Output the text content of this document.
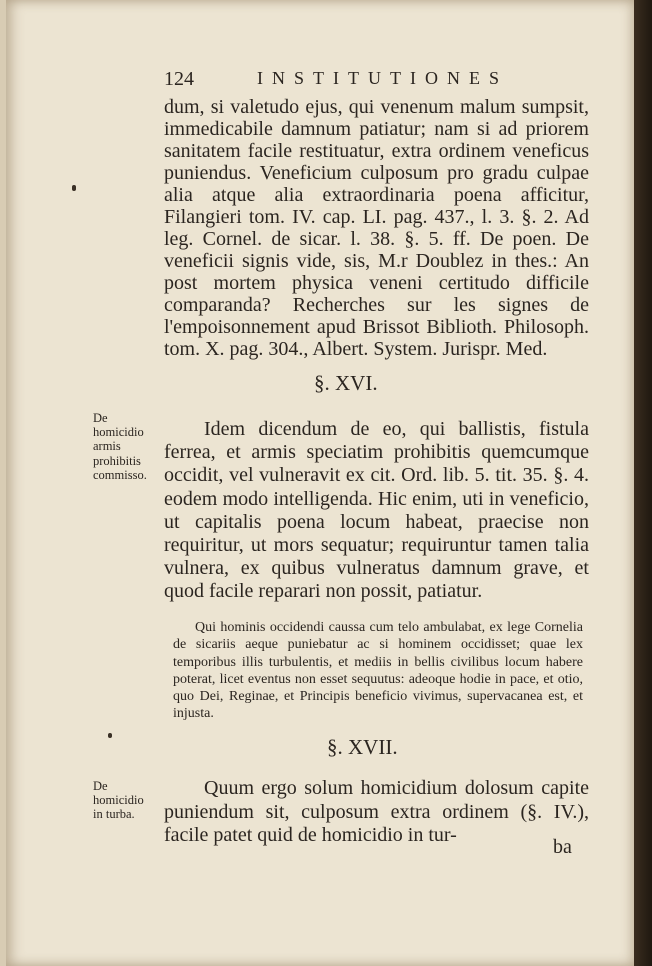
124	INSTITUTIONES

dum, si valetudo ejus, qui venenum malum sumpsit, immedicabile damnum patiatur; nam si ad priorem sanitatem facile restituatur, extra ordinem veneficus puniendus. Veneficium culposum pro gradu culpae alia atque alia extraordinaria poena afficitur, Filangieri tom. IV. cap. LI. pag. 437., l. 3. §. 2. Ad leg. Cornel. de sicar. l. 38. §. 5. ff. De poen. De veneficii signis vide, sis, M.r Doublez in thes.: An post mortem physica veneni certitudo difficile comparanda? Recherches sur les signes de l'empoisonnement apud Brissot Biblioth. Philosoph. tom. X. pag. 304., Albert. System. Jurispr. Med.

§. XVI.
De homicidio armis prohibitis commisso.

Idem dicendum de eo, qui ballistis, fistula ferrea, et armis speciatim prohibitis quemcumque occidit, vel vulneravit ex cit. Ord. lib. 5. tit. 35. §. 4. eodem modo intelligenda. Hic enim, uti in veneficio, ut capitalis poena locum habeat, praecise non requiritur, ut mors sequatur; requiruntur tamen talia vulnera, ex quibus vulneratus damnum grave, et quod facile reparari non possit, patiatur.

Qui hominis occidendi caussa cum telo ambulabat, ex lege Cornelia de sicariis aeque puniebatur ac si hominem occidisset; quae lex temporibus illis turbulentis, et mediis in bellis civilibus locum habere poterat, licet eventus non esset sequutus: adeoque hodie in pace, et otio, quo Dei, Reginae, et Principis beneficio vivimus, supervacanea est, et injusta.

§. XVII.
De homicidio in turba.

Quum ergo solum homicidium dolosum capite puniendum sit, culposum extra ordinem (§. IV.), facile patet quid de homicidio in tur-

ba
